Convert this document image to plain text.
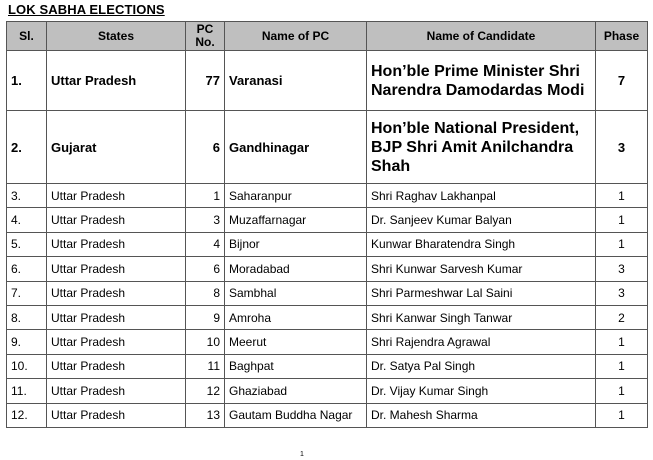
LOK SABHA ELECTIONS
Sl.	States	PC No.	Name of PC	Name of Candidate	Phase
1.	Uttar Pradesh	77	Varanasi	Hon’ble Prime Minister Shri Narendra Damodardas Modi	7
2.	Gujarat	6	Gandhinagar	Hon’ble National President, BJP Shri Amit Anilchandra Shah	3
3.	Uttar Pradesh	1	Saharanpur	Shri Raghav Lakhanpal	1
4.	Uttar Pradesh	3	Muzaffarnagar	Dr. Sanjeev Kumar Balyan	1
5.	Uttar Pradesh	4	Bijnor	Kunwar Bharatendra Singh	1
6.	Uttar Pradesh	6	Moradabad	Shri Kunwar Sarvesh Kumar	3
7.	Uttar Pradesh	8	Sambhal	Shri Parmeshwar Lal Saini	3
8.	Uttar Pradesh	9	Amroha	Shri Kanwar Singh Tanwar	2
9.	Uttar Pradesh	10	Meerut	Shri Rajendra Agrawal	1
10.	Uttar Pradesh	11	Baghpat	Dr. Satya Pal Singh	1
11.	Uttar Pradesh	12	Ghaziabad	Dr. Vijay Kumar Singh	1
12.	Uttar Pradesh	13	Gautam Buddha Nagar	Dr. Mahesh Sharma	1
1
